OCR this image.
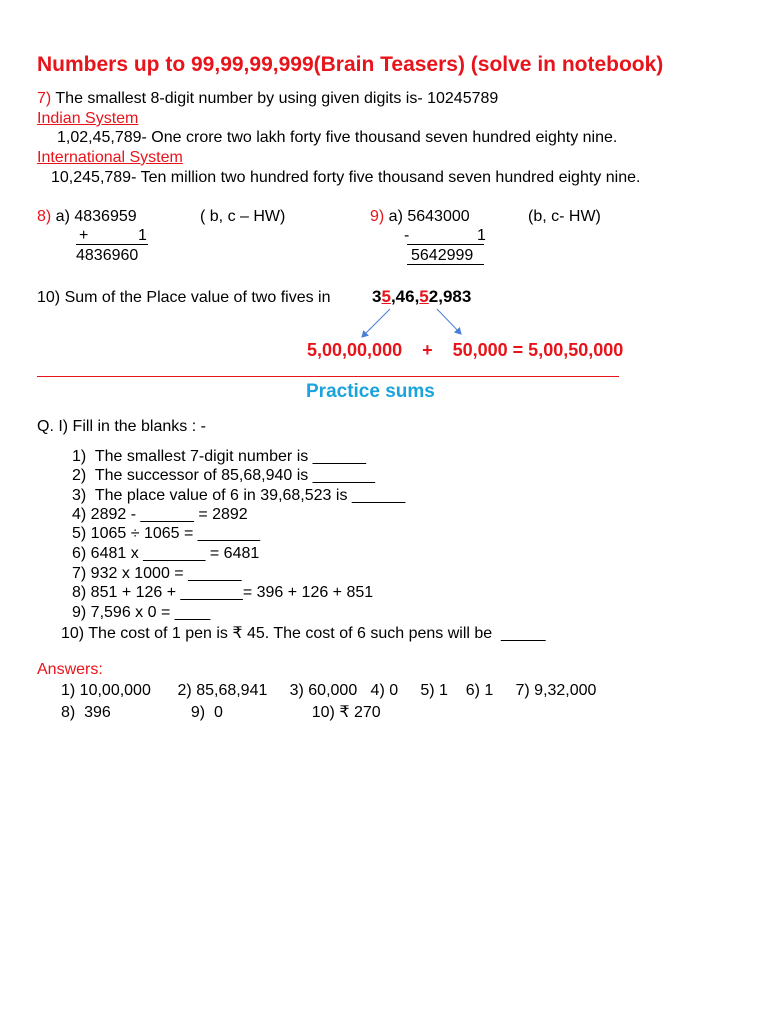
Numbers up to 99,99,99,999(Brain Teasers) (solve in notebook)
7) The smallest 8-digit number by using given digits is- 10245789
Indian System
1,02,45,789- One crore two lakh forty five thousand seven hundred eighty nine.
International System
10,245,789- Ten million two hundred forty five thousand seven hundred eighty nine.
8) a) 4836959	( b, c – HW)
+	1
4836960
9) a) 5643000	(b, c- HW)
-	1
5642999
10) Sum of the Place value of two fives in 35,46,52,983
5,00,00,000    +    50,000 = 5,00,50,000
Practice sums
Q. I) Fill in the blanks : -
1)  The smallest 7-digit number is ______
2)  The successor of 85,68,940 is _______
3)  The place value of 6 in 39,68,523 is ______
4) 2892 - ______ = 2892
5) 1065 ÷ 1065 = _______
6) 6481 x _______ = 6481
7) 932 x 1000 = ______
8) 851 + 126 + _______= 396 + 126 + 851
9) 7,596 x 0 = ____
10) The cost of 1 pen is ₹ 45. The cost of 6 such pens will be  _____
Answers:
1) 10,00,000      2) 85,68,941     3) 60,000   4) 0     5) 1    6) 1     7) 9,32,000
8)  396                  9)  0                    10) ₹ 270
